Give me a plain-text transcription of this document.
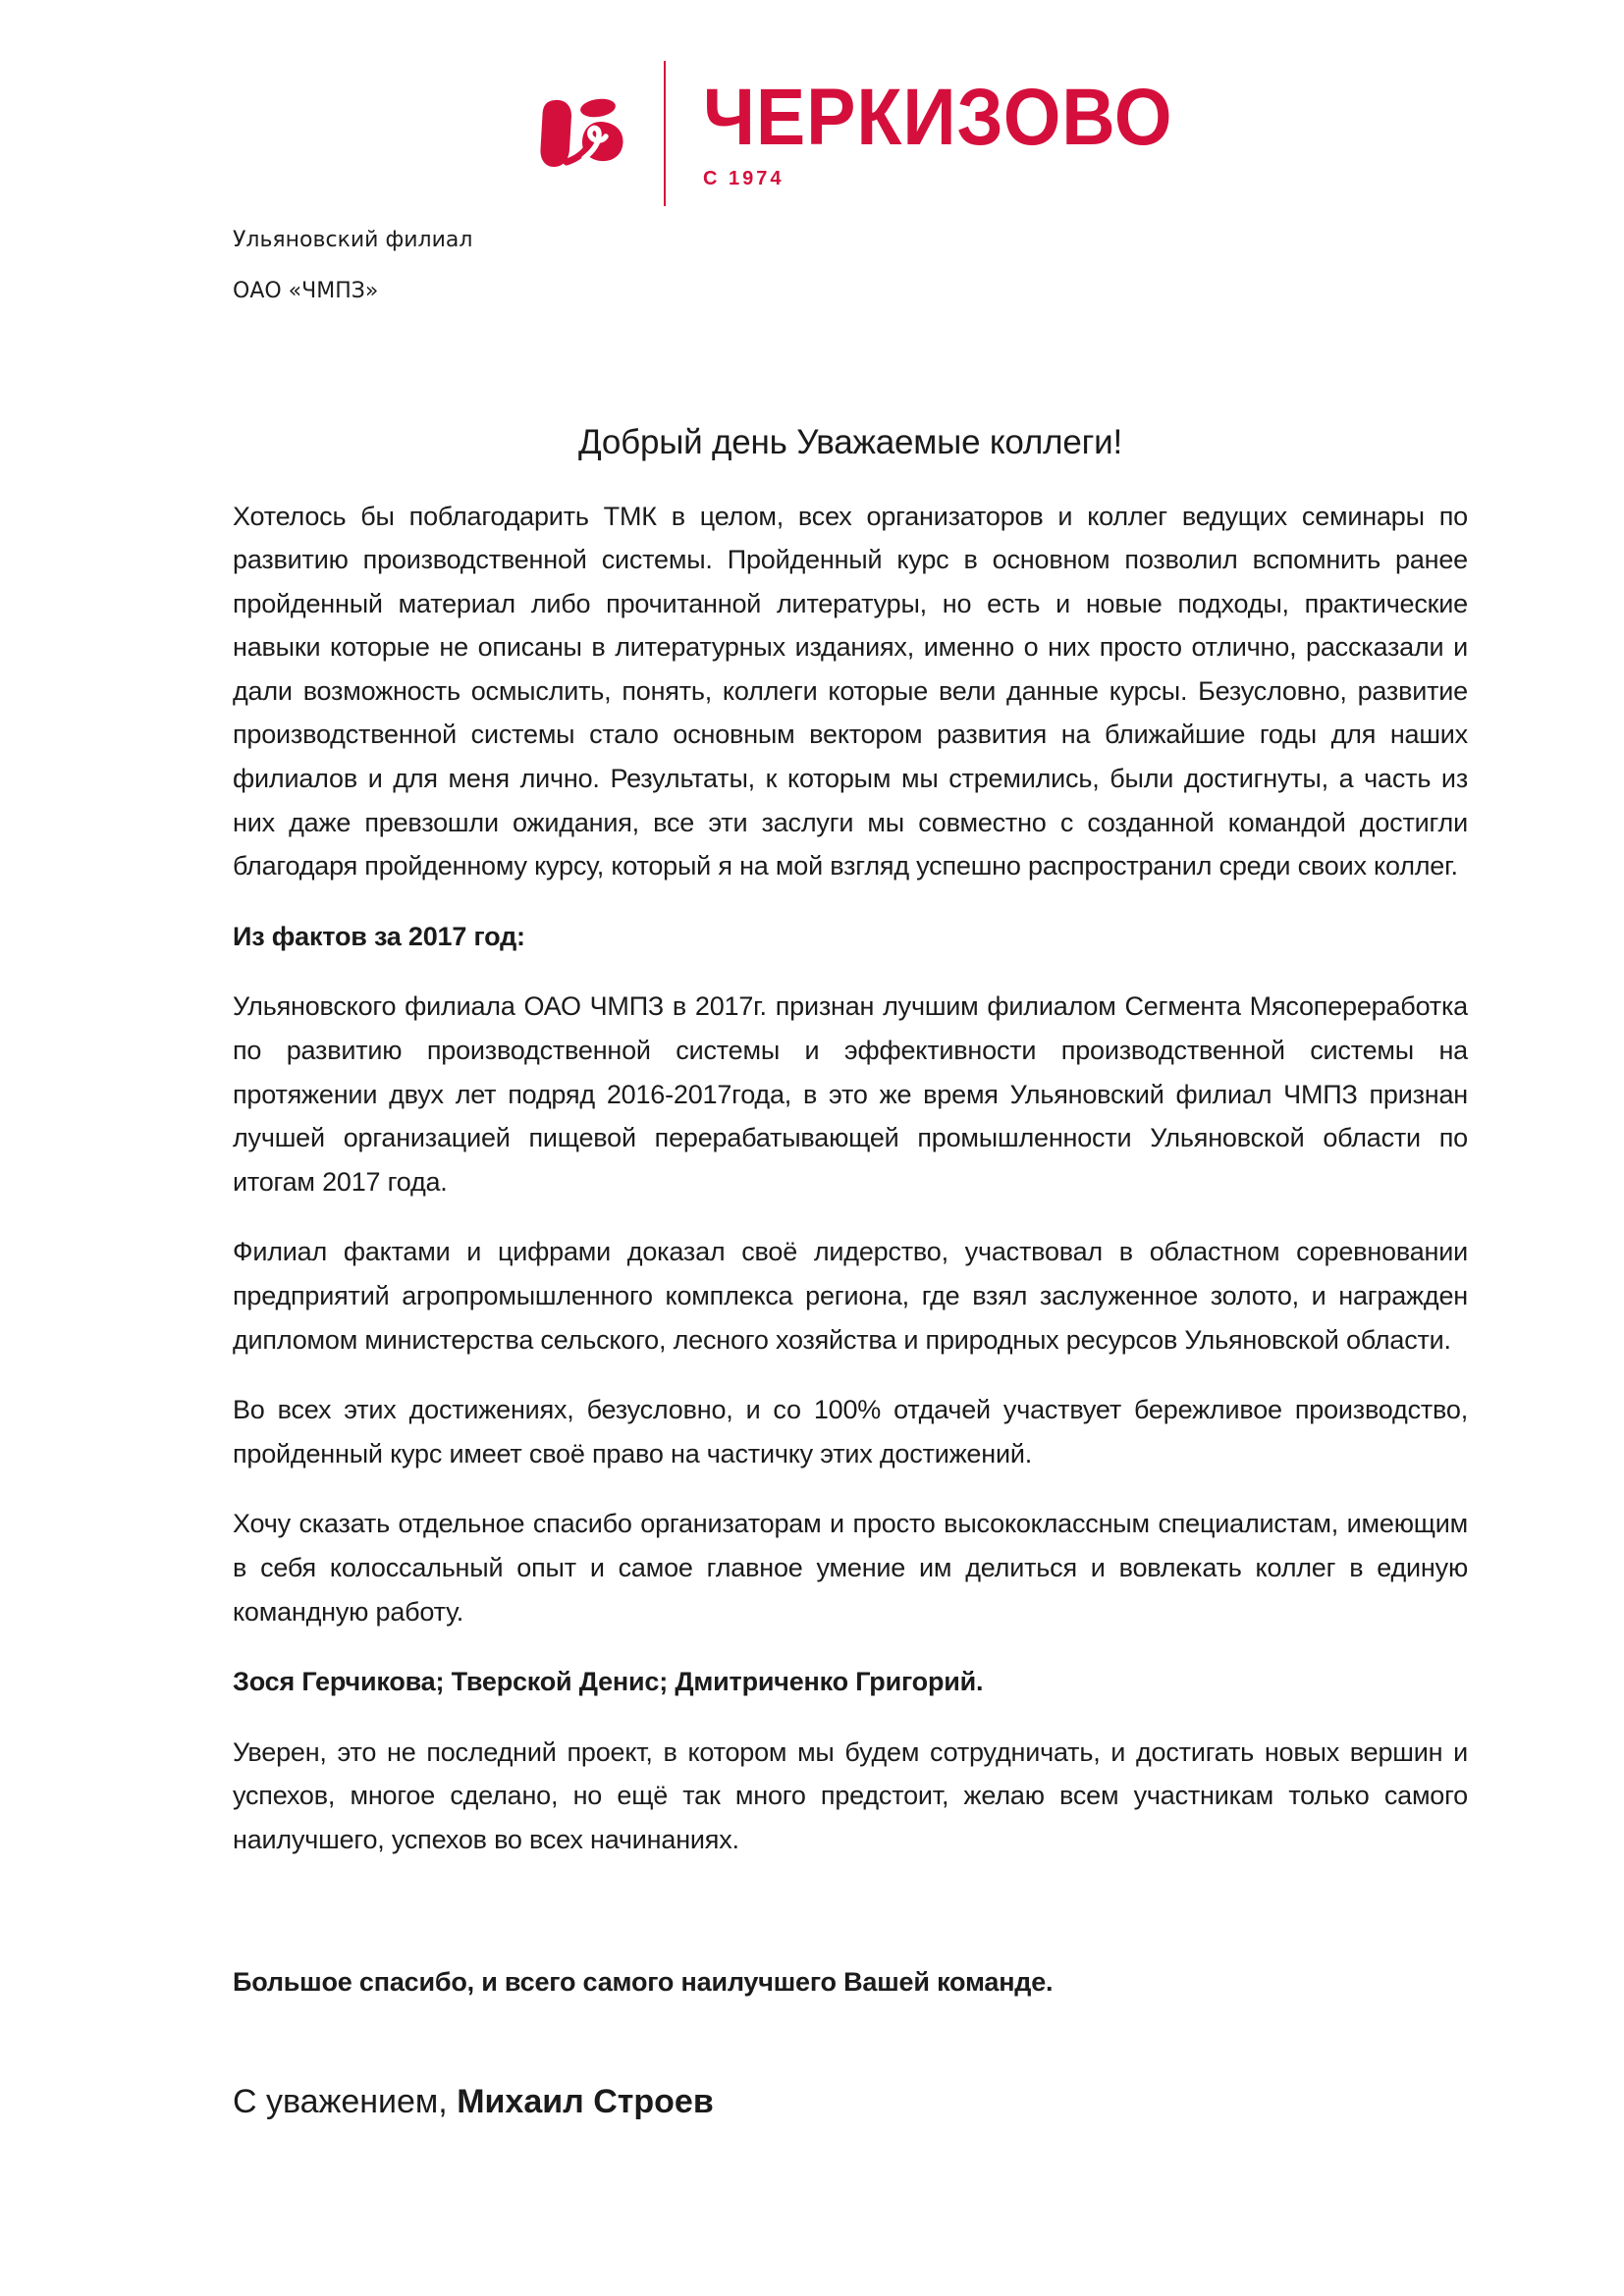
ЧЕРКИЗОВО
С 1974

Ульяновский филиал

ОАО «ЧМПЗ»

Добрый день Уважаемые коллеги!

Хотелось бы поблагодарить ТМК в целом, всех организаторов и коллег ведущих семинары по развитию производственной системы. Пройденный курс в основном позволил вспомнить ранее пройденный материал либо прочитанной литературы, но есть и новые подходы, практические навыки которые не описаны в литературных изданиях, именно о них просто отлично, рассказали и дали возможность осмыслить, понять, коллеги которые вели данные курсы. Безусловно, развитие производственной системы стало основным вектором развития на ближайшие годы для наших филиалов и для меня лично. Результаты, к которым мы стремились, были достигнуты, а часть из них даже превзошли ожидания, все эти заслуги мы совместно с созданной командой достигли благодаря пройденному курсу, который я на мой взгляд успешно распространил среди своих коллег.

Из фактов за 2017 год:

Ульяновского филиала ОАО ЧМПЗ в 2017г. признан лучшим филиалом Сегмента Мясопереработка по развитию производственной системы и эффективности производственной системы на протяжении двух лет подряд 2016-2017года, в это же время Ульяновский филиал ЧМПЗ признан лучшей организацией пищевой перерабатывающей промышленности Ульяновской области по итогам 2017 года.

Филиал фактами и цифрами доказал своё лидерство, участвовал в областном соревновании предприятий агропромышленного комплекса региона, где взял заслуженное золото, и награжден дипломом министерства сельского, лесного хозяйства и природных ресурсов Ульяновской области.

Во всех этих достижениях, безусловно, и со 100% отдачей участвует бережливое производство, пройденный курс имеет своё право на частичку этих достижений.

Хочу сказать отдельное спасибо организаторам и просто высококлассным специалистам, имеющим в себя колоссальный опыт и самое главное умение им делиться и вовлекать коллег в единую командную работу.

Зося Герчикова; Тверской Денис; Дмитриченко Григорий.

Уверен, это не последний проект, в котором мы будем сотрудничать, и достигать новых вершин и успехов, многое сделано, но ещё так много предстоит, желаю всем участникам только самого наилучшего, успехов во всех начинаниях.

Большое спасибо, и всего самого наилучшего Вашей команде.

С уважением, Михаил Строев
